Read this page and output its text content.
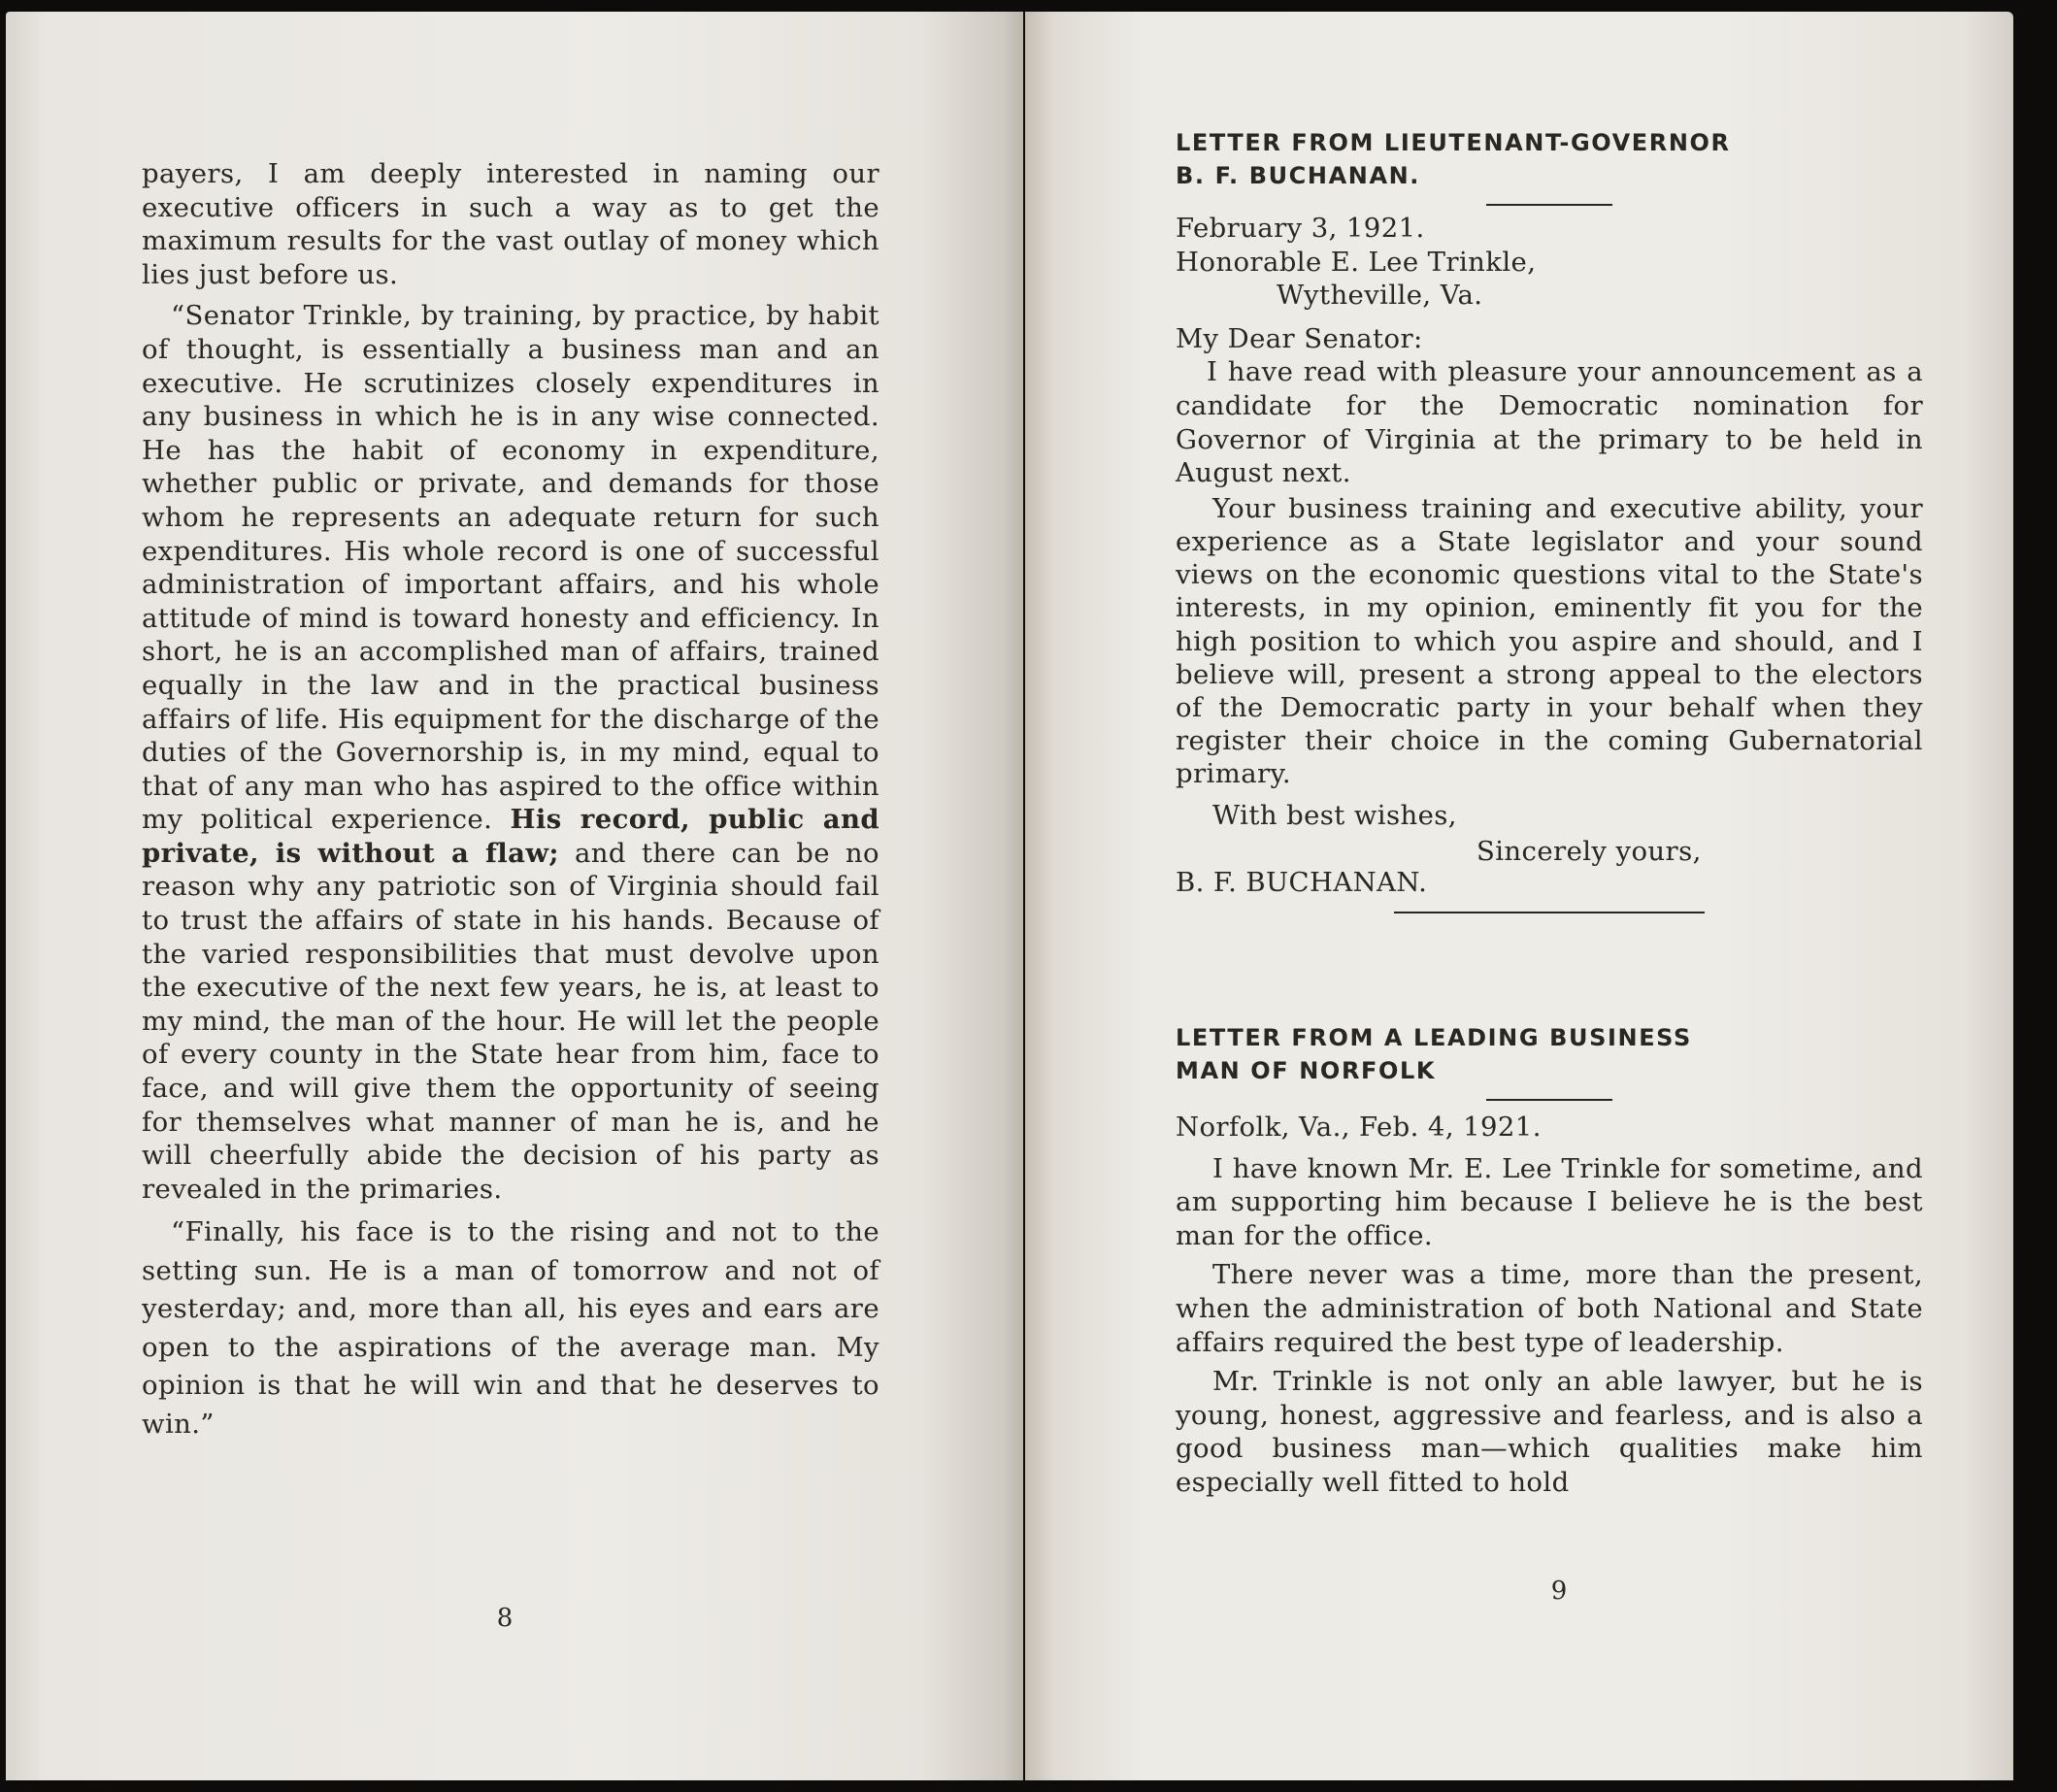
payers, I am deeply interested in naming our executive officers in such a way as to get the maximum results for the vast outlay of money which lies just before us.

“Senator Trinkle, by training, by practice, by habit of thought, is essentially a business man and an executive. He scrutinizes closely expenditures in any business in which he is in any wise connected. He has the habit of economy in expenditure, whether public or private, and demands for those whom he represents an adequate return for such expenditures. His whole record is one of successful administration of important affairs, and his whole attitude of mind is toward honesty and efficiency. In short, he is an accomplished man of affairs, trained equally in the law and in the practical business affairs of life. His equipment for the discharge of the duties of the Governorship is, in my mind, equal to that of any man who has aspired to the office within my political experience. His record, public and private, is without a flaw; and there can be no reason why any patriotic son of Virginia should fail to trust the affairs of state in his hands. Because of the varied responsibilities that must devolve upon the executive of the next few years, he is, at least to my mind, the man of the hour. He will let the people of every county in the State hear from him, face to face, and will give them the opportunity of seeing for themselves what manner of man he is, and he will cheerfully abide the decision of his party as revealed in the primaries.

“Finally, his face is to the rising and not to the setting sun. He is a man of tomorrow and not of yesterday; and, more than all, his eyes and ears are open to the aspirations of the average man. My opinion is that he will win and that he deserves to win.”

8

LETTER FROM LIEUTENANT-GOVERNOR

B. F. BUCHANAN.

February 3, 1921.

Honorable E. Lee Trinkle,

Wytheville, Va.

My Dear Senator:

I have read with pleasure your announcement as a candidate for the Democratic nomination for Governor of Virginia at the primary to be held in August next.

Your business training and executive ability, your experience as a State legislator and your sound views on the economic questions vital to the State's interests, in my opinion, eminently fit you for the high position to which you aspire and should, and I believe will, present a strong appeal to the electors of the Democratic party in your behalf when they register their choice in the coming Gubernatorial primary.

With best wishes,

Sincerely yours,

B. F. BUCHANAN.

LETTER FROM A LEADING BUSINESS

MAN OF NORFOLK

Norfolk, Va., Feb. 4, 1921.

I have known Mr. E. Lee Trinkle for sometime, and am supporting him because I believe he is the best man for the office.

There never was a time, more than the present, when the administration of both National and State affairs required the best type of leadership.

Mr. Trinkle is not only an able lawyer, but he is young, honest, aggressive and fearless, and is also a good business man—which qualities make him especially well fitted to hold

9
